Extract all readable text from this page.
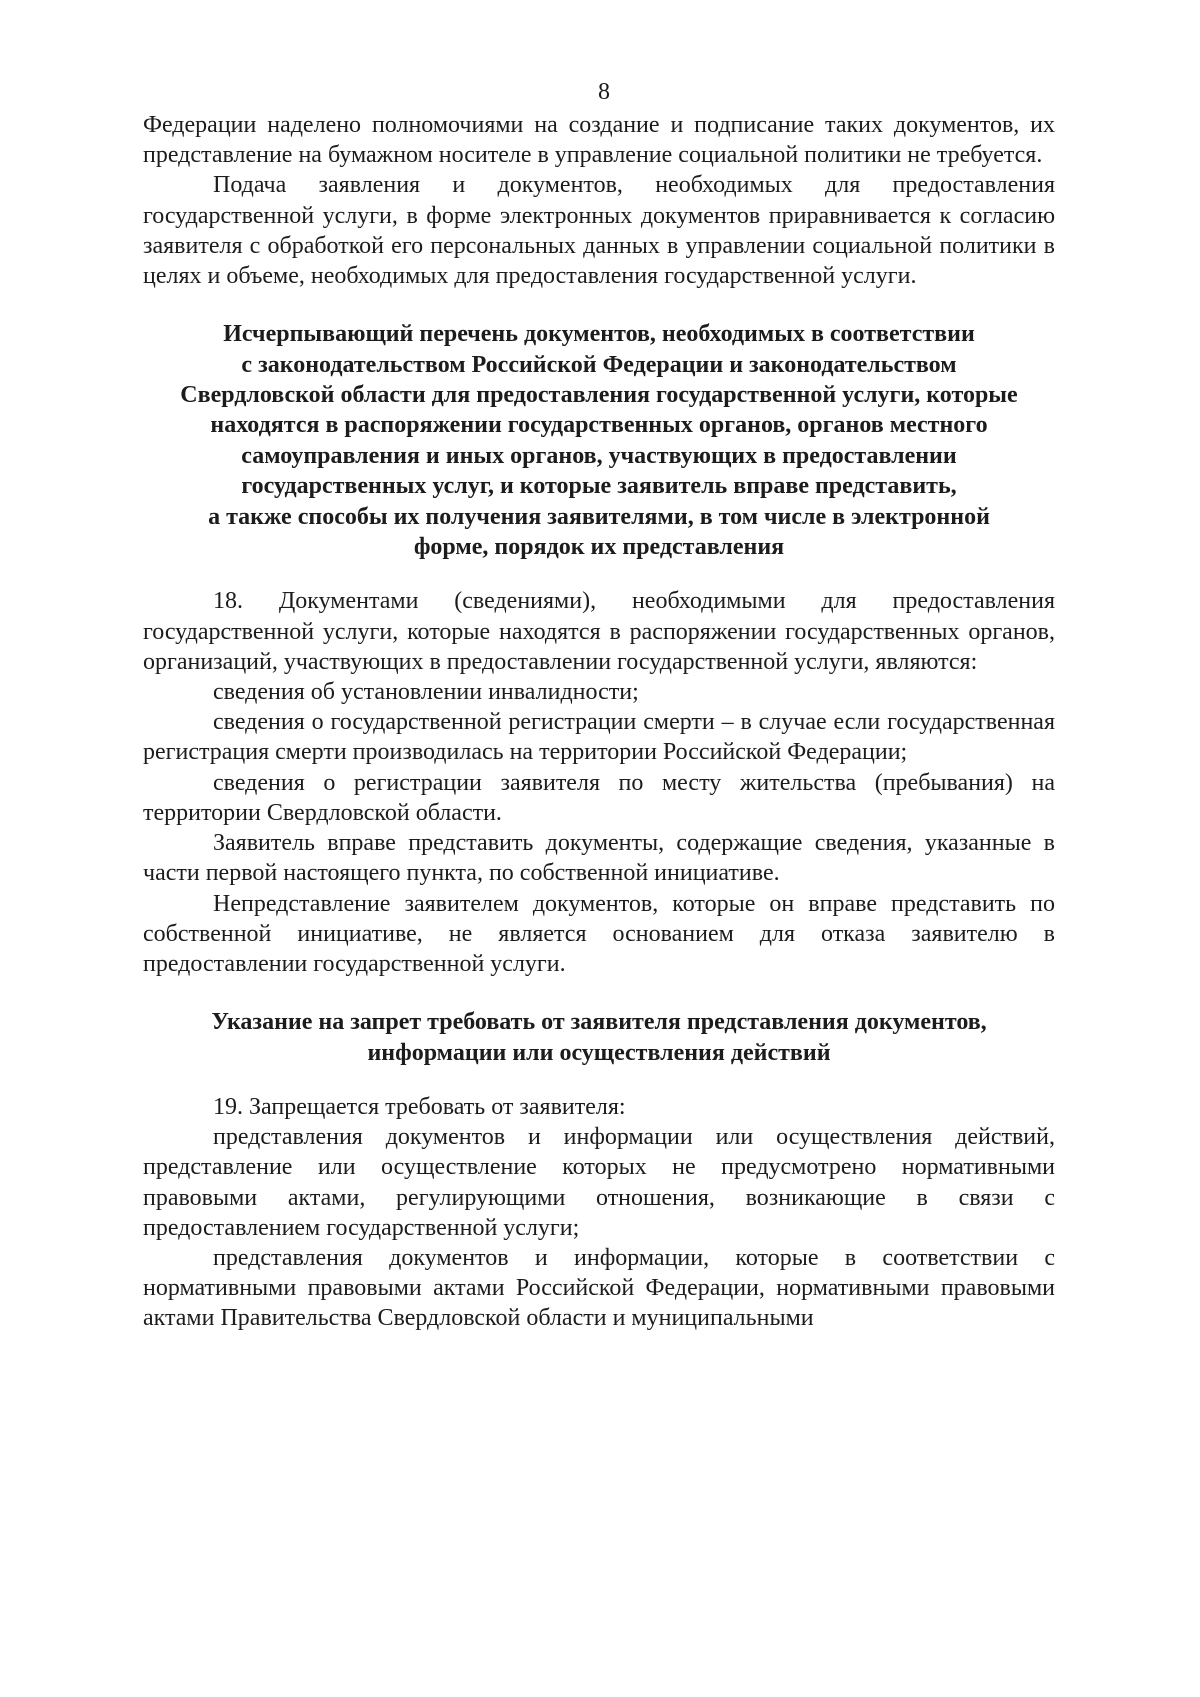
8

Федерации наделено полномочиями на создание и подписание таких документов, их представление на бумажном носителе в управление социальной политики не требуется.

Подача заявления и документов, необходимых для предоставления государственной услуги, в форме электронных документов приравнивается к согласию заявителя с обработкой его персональных данных в управлении социальной политики в целях и объеме, необходимых для предоставления государственной услуги.

Исчерпывающий перечень документов, необходимых в соответствии
с законодательством Российской Федерации и законодательством
Свердловской области для предоставления государственной услуги, которые
находятся в распоряжении государственных органов, органов местного
самоуправления и иных органов, участвующих в предоставлении
государственных услуг, и которые заявитель вправе представить,
а также способы их получения заявителями, в том числе в электронной
форме, порядок их представления

18. Документами (сведениями), необходимыми для предоставления государственной услуги, которые находятся в распоряжении государственных органов, организаций, участвующих в предоставлении государственной услуги, являются:

сведения об установлении инвалидности;

сведения о государственной регистрации смерти – в случае если государственная регистрация смерти производилась на территории Российской Федерации;

сведения о регистрации заявителя по месту жительства (пребывания) на территории Свердловской области.

Заявитель вправе представить документы, содержащие сведения, указанные в части первой настоящего пункта, по собственной инициативе.

Непредставление заявителем документов, которые он вправе представить по собственной инициативе, не является основанием для отказа заявителю в предоставлении государственной услуги.

Указание на запрет требовать от заявителя представления документов,
информации или осуществления действий

19. Запрещается требовать от заявителя:

представления документов и информации или осуществления действий, представление или осуществление которых не предусмотрено нормативными правовыми актами, регулирующими отношения, возникающие в связи с предоставлением государственной услуги;

представления документов и информации, которые в соответствии с нормативными правовыми актами Российской Федерации, нормативными правовыми актами Правительства Свердловской области и муниципальными
